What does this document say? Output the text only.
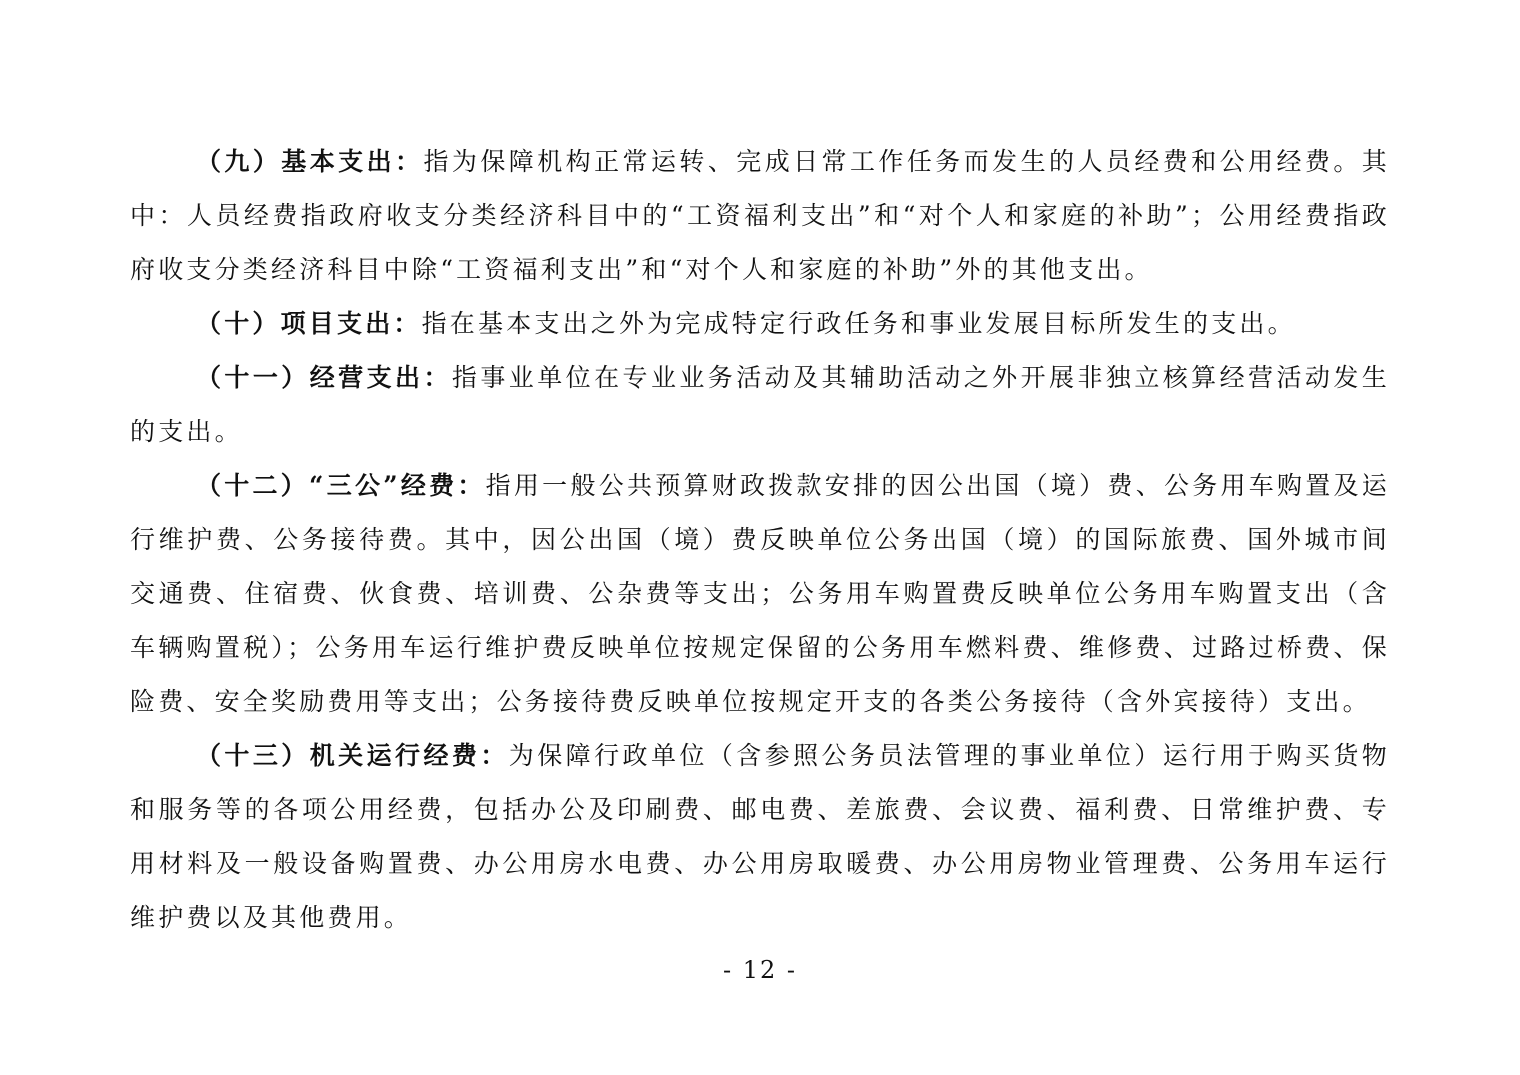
（九）基本支出：指为保障机构正常运转、完成日常工作任务而发生的人员经费和公用经费。其中：人员经费指政府收支分类经济科目中的“工资福利支出”和“对个人和家庭的补助”；公用经费指政府收支分类经济科目中除“工资福利支出”和“对个人和家庭的补助”外的其他支出。

（十）项目支出：指在基本支出之外为完成特定行政任务和事业发展目标所发生的支出。

（十一）经营支出：指事业单位在专业业务活动及其辅助活动之外开展非独立核算经营活动发生的支出。

（十二）“三公”经费：指用一般公共预算财政拨款安排的因公出国（境）费、公务用车购置及运行维护费、公务接待费。其中，因公出国（境）费反映单位公务出国（境）的国际旅费、国外城市间交通费、住宿费、伙食费、培训费、公杂费等支出；公务用车购置费反映单位公务用车购置支出（含车辆购置税）；公务用车运行维护费反映单位按规定保留的公务用车燃料费、维修费、过路过桥费、保险费、安全奖励费用等支出；公务接待费反映单位按规定开支的各类公务接待（含外宾接待）支出。

（十三）机关运行经费：为保障行政单位（含参照公务员法管理的事业单位）运行用于购买货物和服务等的各项公用经费，包括办公及印刷费、邮电费、差旅费、会议费、福利费、日常维护费、专用材料及一般设备购置费、办公用房水电费、办公用房取暖费、办公用房物业管理费、公务用车运行维护费以及其他费用。

- 12 -
